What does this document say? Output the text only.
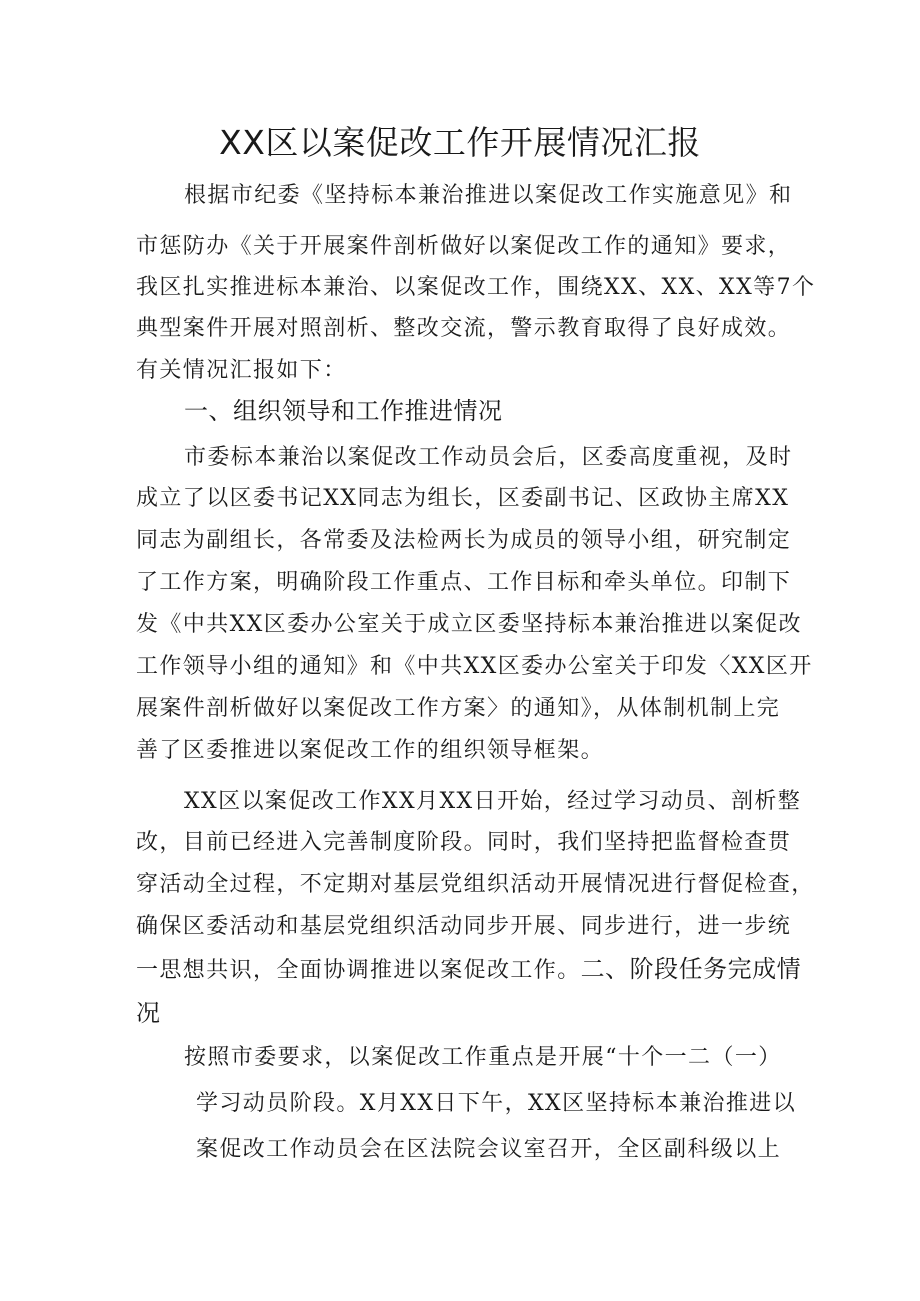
XX区以案促改工作开展情况汇报
根据市纪委《坚持标本兼治推进以案促改工作实施意见》和
市惩防办《关于开展案件剖析做好以案促改工作的通知》要求，
我区扎实推进标本兼治、以案促改工作，围绕XX、XX、XX等7个
典型案件开展对照剖析、整改交流，警示教育取得了良好成效。
有关情况汇报如下：
一、组织领导和工作推进情况
市委标本兼治以案促改工作动员会后，区委高度重视，及时
成立了以区委书记XX同志为组长，区委副书记、区政协主席XX
同志为副组长，各常委及法检两长为成员的领导小组，研究制定
了工作方案，明确阶段工作重点、工作目标和牵头单位。印制下
发《中共XX区委办公室关于成立区委坚持标本兼治推进以案促改
工作领导小组的通知》和《中共XX区委办公室关于印发〈XX区开
展案件剖析做好以案促改工作方案〉的通知》，从体制机制上完
善了区委推进以案促改工作的组织领导框架。
XX区以案促改工作XX月XX日开始，经过学习动员、剖析整
改，目前已经进入完善制度阶段。同时，我们坚持把监督检查贯
穿活动全过程，不定期对基层党组织活动开展情况进行督促检查，
确保区委活动和基层党组织活动同步开展、同步进行，进一步统
一思想共识，全面协调推进以案促改工作。二、阶段任务完成情
况
按照市委要求，以案促改工作重点是开展“十个一二（一）
学习动员阶段。X月XX日下午，XX区坚持标本兼治推进以
案促改工作动员会在区法院会议室召开，全区副科级以上
